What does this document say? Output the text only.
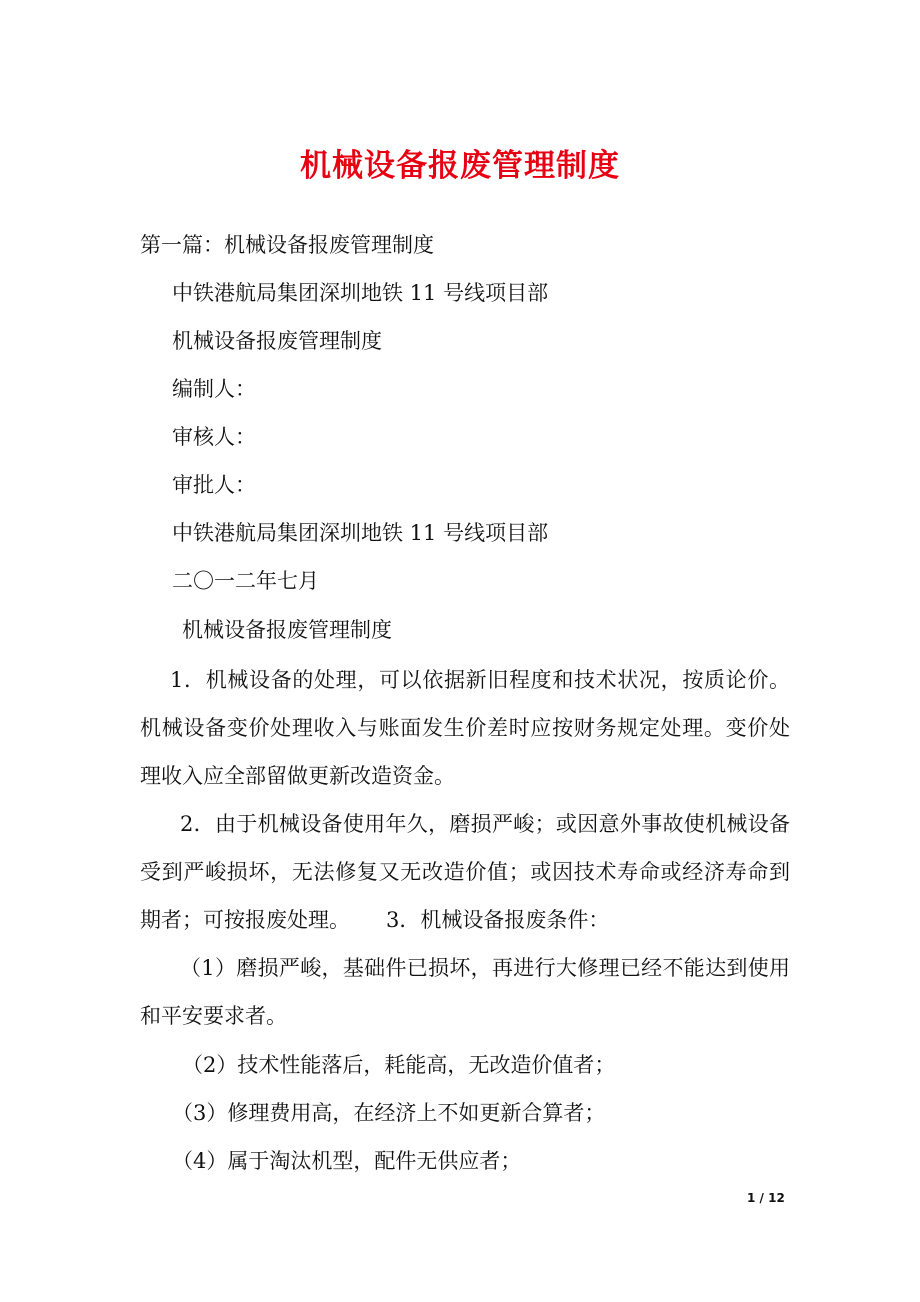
机械设备报废管理制度
第一篇：机械设备报废管理制度
中铁港航局集团深圳地铁 11 号线项目部
机械设备报废管理制度
编制人：
审核人：
审批人：
中铁港航局集团深圳地铁 11 号线项目部
二〇一二年七月
机械设备报废管理制度
1．机械设备的处理，可以依据新旧程度和技术状况，按质论价。机械设备变价处理收入与账面发生价差时应按财务规定处理。变价处理收入应全部留做更新改造资金。
2．由于机械设备使用年久，磨损严峻；或因意外事故使机械设备受到严峻损坏，无法修复又无改造价值；或因技术寿命或经济寿命到期者；可按报废处理。 3．机械设备报废条件：
（1）磨损严峻，基础件已损坏，再进行大修理已经不能达到使用和平安要求者。
（2）技术性能落后，耗能高，无改造价值者；
（3）修理费用高，在经济上不如更新合算者；
（4）属于淘汰机型，配件无供应者；
1 / 12
